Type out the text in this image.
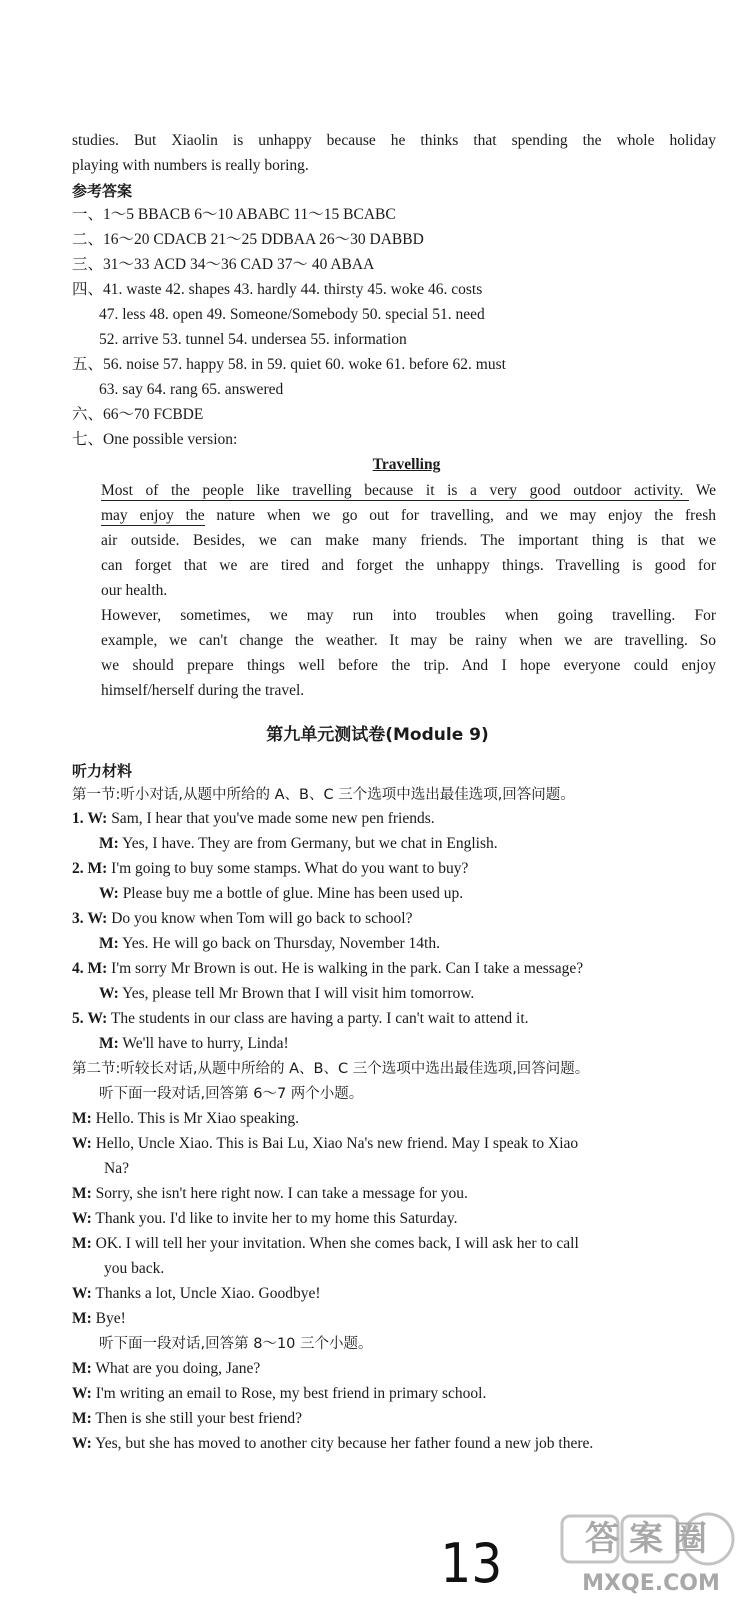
studies. But Xiaolin is unhappy because he thinks that spending the whole holiday
playing with numbers is really boring.
参考答案
一、1～5 BBACB 6～10 ABABC 11～15 BCABC
二、16～20 CDACB 21～25 DDBAA 26～30 DABBD
三、31～33 ACD 34～36 CAD 37～ 40 ABAA
四、41. waste 42. shapes 43. hardly 44. thirsty 45. woke 46. costs
47. less 48. open 49. Someone/Somebody 50. special 51. need
52. arrive 53. tunnel 54. undersea 55. information
五、56. noise 57. happy 58. in 59. quiet 60. woke 61. before 62. must
63. say 64. rang 65. answered
六、66～70 FCBDE
七、One possible version:
Travelling
Most of the people like travelling because it is a very good outdoor activity. We
may enjoy the nature when we go out for travelling, and we may enjoy the fresh
air outside. Besides, we can make many friends. The important thing is that we
can forget that we are tired and forget the unhappy things. Travelling is good for
our health.
However, sometimes, we may run into troubles when going travelling. For
example, we can't change the weather. It may be rainy when we are travelling. So
we should prepare things well before the trip. And I hope everyone could enjoy
himself/herself during the travel.
第九单元测试卷(Module 9)
听力材料
第一节:听小对话,从题中所给的 A、B、C 三个选项中选出最佳选项,回答问题。
1. W: Sam, I hear that you've made some new pen friends.
M: Yes, I have. They are from Germany, but we chat in English.
2. M: I'm going to buy some stamps. What do you want to buy?
W: Please buy me a bottle of glue. Mine has been used up.
3. W: Do you know when Tom will go back to school?
M: Yes. He will go back on Thursday, November 14th.
4. M: I'm sorry Mr Brown is out. He is walking in the park. Can I take a message?
W: Yes, please tell Mr Brown that I will visit him tomorrow.
5. W: The students in our class are having a party. I can't wait to attend it.
M: We'll have to hurry, Linda!
第二节:听较长对话,从题中所给的 A、B、C 三个选项中选出最佳选项,回答问题。
听下面一段对话,回答第 6～7 两个小题。
M: Hello. This is Mr Xiao speaking.
W: Hello, Uncle Xiao. This is Bai Lu, Xiao Na's new friend. May I speak to Xiao
Na?
M: Sorry, she isn't here right now. I can take a message for you.
W: Thank you. I'd like to invite her to my home this Saturday.
M: OK. I will tell her your invitation. When she comes back, I will ask her to call
you back.
W: Thanks a lot, Uncle Xiao. Goodbye!
M: Bye!
听下面一段对话,回答第 8～10 三个小题。
M: What are you doing, Jane?
W: I'm writing an email to Rose, my best friend in primary school.
M: Then is she still your best friend?
W: Yes, but she has moved to another city because her father found a new job there.
13 答案圈
MXQE.COM
